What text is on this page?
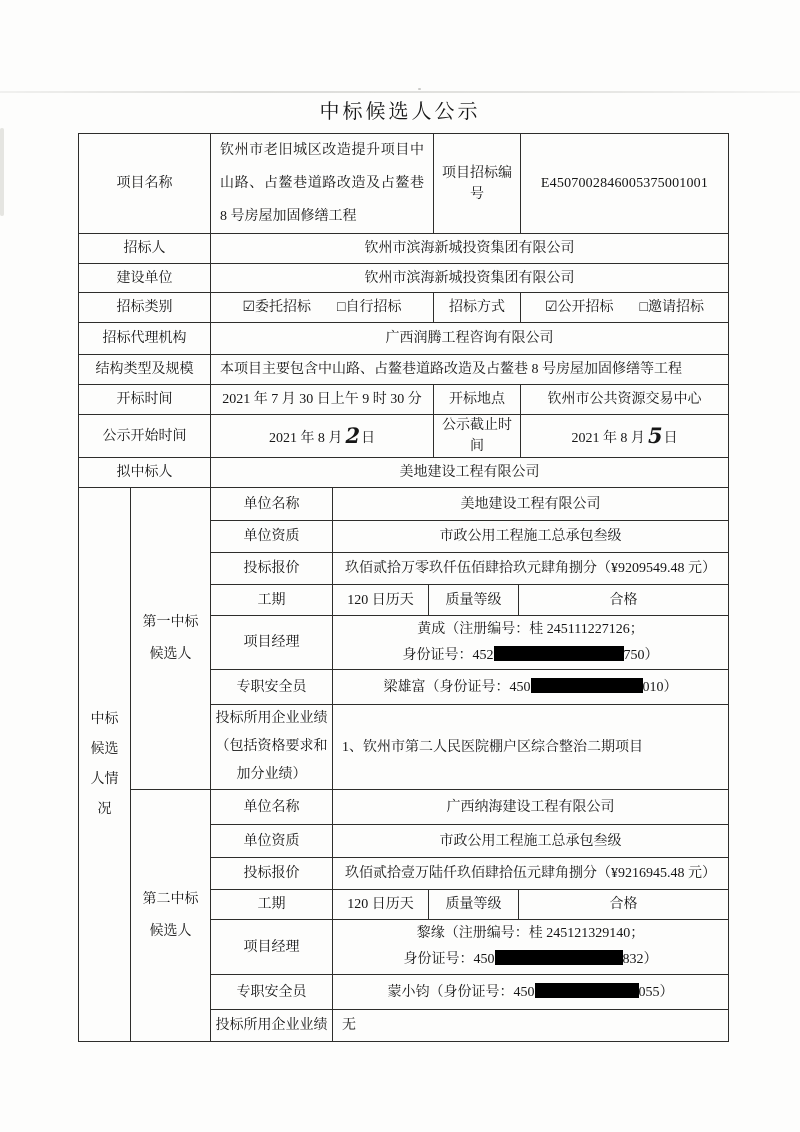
中标候选人公示
项目名称	钦州市老旧城区改造提升项目中山路、占鳌巷道路改造及占鳌巷 8 号房屋加固修缮工程	项目招标编号	E4507002846005375001001
招标人	钦州市滨海新城投资集团有限公司		
建设单位	钦州市滨海新城投资集团有限公司		
招标类别	☑委托招标 □自行招标	招标方式	☑公开招标 □邀请招标

招标代理机构	广西润腾工程咨询有限公司		
结构类型及规模	本项目主要包含中山路、占鳌巷道路改造及占鳌巷 8 号房屋加固修缮等工程		
开标时间	2021 年 7 月 30 日上午 9 时 30 分	开标地点	钦州市公共资源交易中心
公示开始时间	2021 年 8 月 2日	公示截止时间	2021 年 8 月 5日
拟中标人	美地建设工程有限公司		
中标候选人情况	第一中标候选人	单位名称	美地建设工程有限公司		
		单位资质	市政公用工程施工总承包叁级		
		投标报价	玖佰贰拾万零玖仟伍佰肆拾玖元肆角捌分（¥9209549.48 元）		
		工期	120 日历天	质量等级	合格
		项目经理	黄成（注册编号：桂 245111227126；
身份证号：452 750）		

		专职安全员	梁雄富（身份证号：450 010）		
		投标所用企业业绩（包括资格要求和加分业绩）	1、钦州市第二人民医院棚户区综合整治二期项目		
	第二中标候选人	单位名称	广西纳海建设工程有限公司		
		单位资质	市政公用工程施工总承包叁级		
		投标报价	玖佰贰拾壹万陆仟玖佰肆拾伍元肆角捌分（¥9216945.48 元）		
		工期	120 日历天	质量等级	合格
		项目经理	黎缘（注册编号：桂 245121329140；
身份证号：450 832）		

		专职安全员	蒙小钧（身份证号：450 055）		
		投标所用企业业绩	无		
